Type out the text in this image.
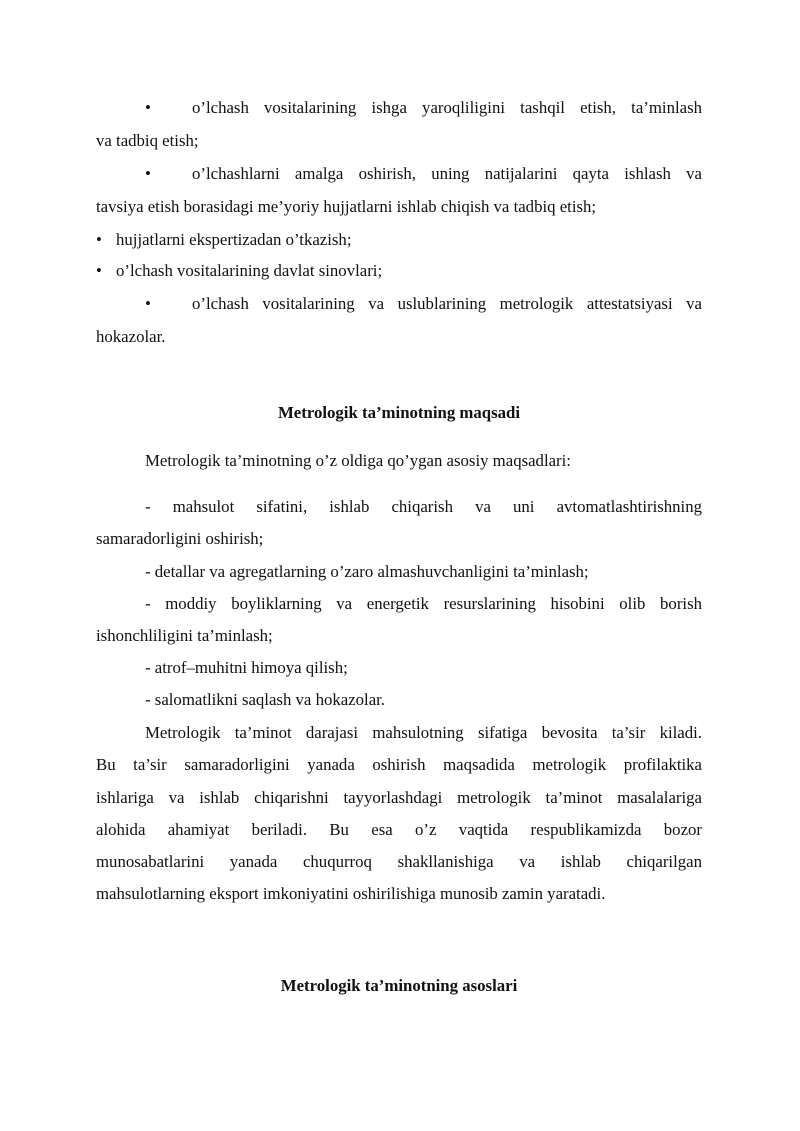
• o’lchash vositalarining ishga yaroqliligini tashqil etish, ta’minlash
va tadbiq etish;
• o’lchashlarni amalga oshirish, uning natijalarini qayta ishlash va
tavsiya etish borasidagi me’yoriy hujjatlarni ishlab chiqish va tadbiq etish;
• hujjatlarni ekspertizadan o’tkazish;
• o’lchash vositalarining davlat sinovlari;
• o’lchash vositalarining va uslublarining metrologik attestatsiyasi va
hokazolar.
Metrologik ta’minotning maqsadi
Metrologik ta’minotning o’z oldiga qo’ygan asosiy maqsadlari:
- mahsulot sifatini, ishlab chiqarish va uni avtomatlashtirishning
samaradorligini oshirish;
- detallar va agregatlarning o’zaro almashuvchanligini ta’minlash;
- moddiy boyliklarning va energetik resurslarining hisobini olib borish
ishonchliligini ta’minlash;
- atrof–muhitni himoya qilish;
- salomatlikni saqlash va hokazolar.
Metrologik ta’minot darajasi mahsulotning sifatiga bevosita ta’sir kiladi.
Bu ta’sir samaradorligini yanada oshirish maqsadida metrologik profilaktika
ishlariga va ishlab chiqarishni tayyorlashdagi metrologik ta’minot masalalariga
alohida ahamiyat beriladi. Bu esa o’z vaqtida respublikamizda bozor
munosabatlarini yanada chuqurroq shakllanishiga va ishlab chiqarilgan
mahsulotlarning eksport imkoniyatini oshirilishiga munosib zamin yaratadi.
Metrologik ta’minotning asoslari
